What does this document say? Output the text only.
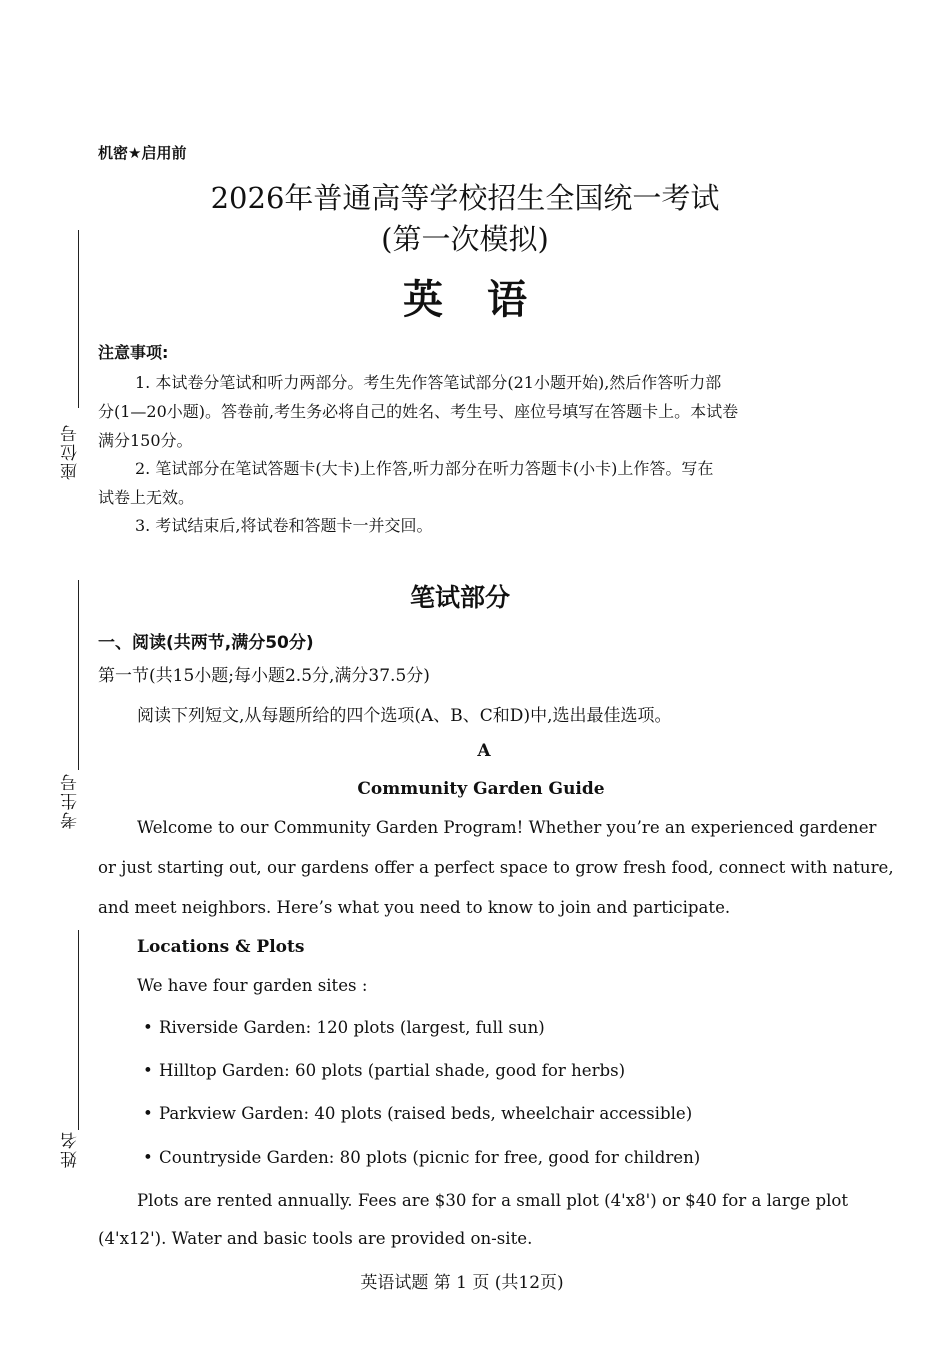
座位号
考生号
姓名
机密★启用前
2026年普通高等学校招生全国统一考试
(第一次模拟)
英语
注意事项:
1. 本试卷分笔试和听力两部分。考生先作答笔试部分(21小题开始),然后作答听力部
分(1—20小题)。答卷前,考生务必将自己的姓名、考生号、座位号填写在答题卡上。本试卷
满分150分。
2. 笔试部分在笔试答题卡(大卡)上作答,听力部分在听力答题卡(小卡)上作答。写在
试卷上无效。
3. 考试结束后,将试卷和答题卡一并交回。
笔试部分
一、阅读(共两节,满分50分)
第一节(共15小题;每小题2.5分,满分37.5分)
阅读下列短文,从每题所给的四个选项(A、B、C和D)中,选出最佳选项。
A
Community Garden Guide
Welcome to our Community Garden Program! Whether you’re an experienced gardener
or just starting out, our gardens offer a perfect space to grow fresh food, connect with nature,
and meet neighbors. Here’s what you need to know to join and participate.
Locations & Plots
We have four garden sites :
• Riverside Garden: 120 plots (largest, full sun)
• Hilltop Garden: 60 plots (partial shade, good for herbs)
• Parkview Garden: 40 plots (raised beds, wheelchair accessible)
• Countryside Garden: 80 plots (picnic for free, good for children)
Plots are rented annually. Fees are $30 for a small plot (4'x8') or $40 for a large plot
(4'x12'). Water and basic tools are provided on-site.
英语试题 第 1 页 (共12页)
